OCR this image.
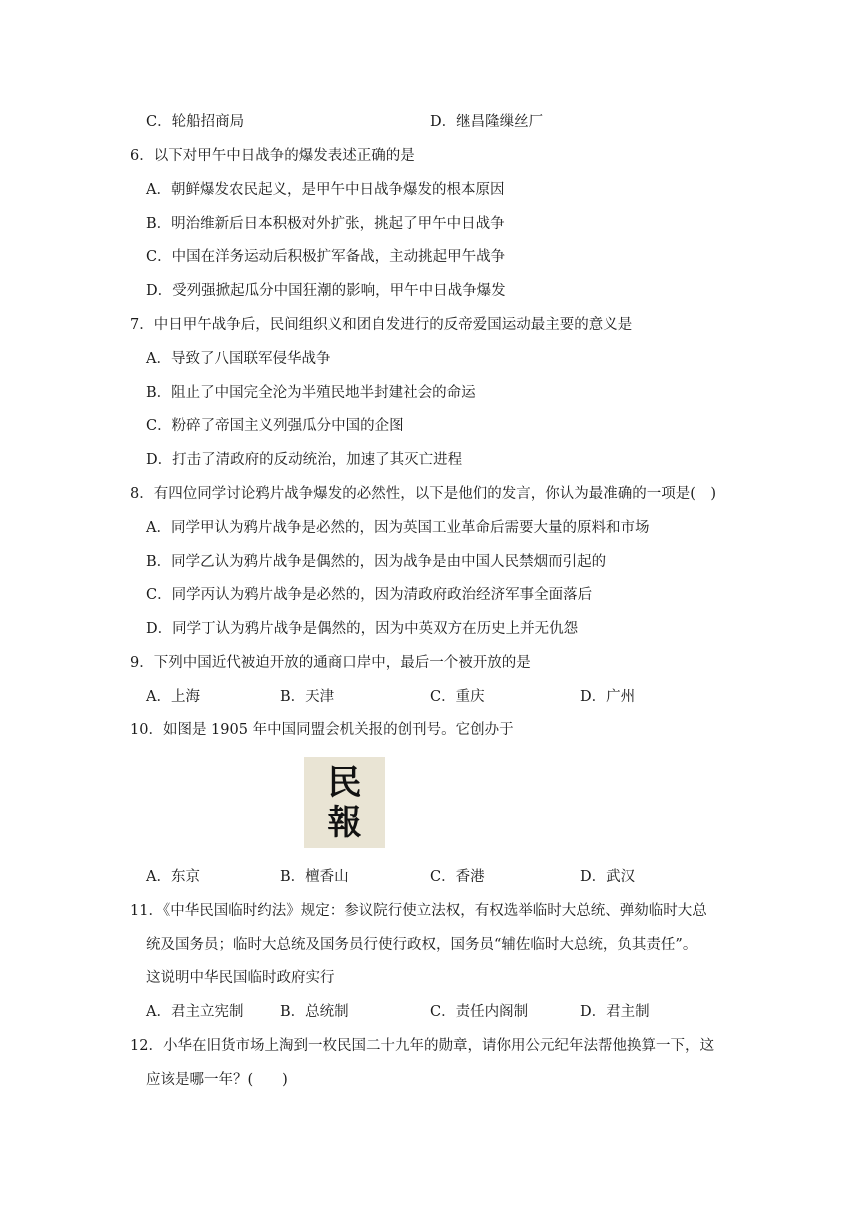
C．轮船招商局	D．继昌隆缫丝厂
6．以下对甲午中日战争的爆发表述正确的是
A．朝鲜爆发农民起义，是甲午中日战争爆发的根本原因
B．明治维新后日本积极对外扩张，挑起了甲午中日战争
C．中国在洋务运动后积极扩军备战，主动挑起甲午战争
D．受列强掀起瓜分中国狂潮的影响，甲午中日战争爆发
7．中日甲午战争后，民间组织义和团自发进行的反帝爱国运动最主要的意义是
A．导致了八国联军侵华战争
B．阻止了中国完全沦为半殖民地半封建社会的命运
C．粉碎了帝国主义列强瓜分中国的企图
D．打击了清政府的反动统治，加速了其灭亡进程
8．有四位同学讨论鸦片战争爆发的必然性，以下是他们的发言，你认为最准确的一项是(　)
A．同学甲认为鸦片战争是必然的，因为英国工业革命后需要大量的原料和市场
B．同学乙认为鸦片战争是偶然的，因为战争是由中国人民禁烟而引起的
C．同学丙认为鸦片战争是必然的，因为清政府政治经济军事全面落后
D．同学丁认为鸦片战争是偶然的，因为中英双方在历史上并无仇怨
9．下列中国近代被迫开放的通商口岸中，最后一个被开放的是
A．上海	B．天津	C．重庆	D．广州
10．如图是 1905 年中国同盟会机关报的创刊号。它创办于
民
報
A．东京	B．檀香山	C．香港	D．武汉
11．《中华民国临时约法》规定：参议院行使立法权，有权选举临时大总统、弹劾临时大总
统及国务员；临时大总统及国务员行使行政权，国务员“辅佐临时大总统，负其责任”。
这说明中华民国临时政府实行
A．君主立宪制	B．总统制	C．责任内阁制	D．君主制
12．小华在旧货市场上淘到一枚民国二十九年的勋章，请你用公元纪年法帮他换算一下，这
应该是哪一年？(　　)
